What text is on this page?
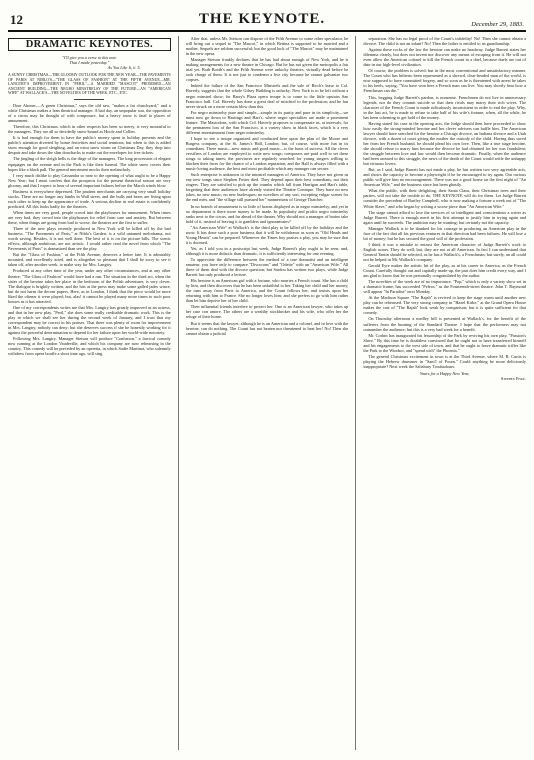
12	THE KEYNOTE.	December 29, 1883.
DRAMATIC KEYNOTES.
"I'll give you a verse to this note
That I made yesterday."
As You Like It, ii. 5.
A SUNNY CHRISTMAS—THE GLOOMY OUTLOOK FOR THE NEW YEAR—THE PAVEMENTS OF PARIS AT NIBLO'S—"THE GLASS OF FASHION" AT THE FIFTH AVENUE—MR. LANGTRY'S IMPROVEMENT IN "PERIL"—A MARRIED "MASCOT" PROMISED—AN ANCIENT BUILDING—THE NEGRO MINSTRELSY OF THE FUTURE—AN "AMERICAN WIFE" AT WALLACK'S—THE NOVELTIES OF THE WEEK, ETC., ETC.

Dear Aboner.—A green Christmas," says the old saw, "makes a fat churchyard;" and a white Christmas makes a lean theatrical manager. A bad day, an unpopular star, the opposition of a circus may be thought of with composure, but a heavy snow is fatal to places of amusement.

Therefore, this Christmas, which in other respects has been so merry, is very mournful to the managers. They are all so decidedly snow-bound as Hoole and Collier.

It is bad enough for them to have the public's money spent in holiday presents and the public's attention diverted by home festivities and social reunions; but when to this is added snow enough for good sleighing, and an extra snow storm on Christmas Day, they drop into despair and take down the slim drawbacks to make out the envelopes for free tickets.

The jingling of the sleigh bells is the dirge of the managers. The long procession of elegant equipages on the avenue and in the Park is like their funeral. The white snow covers their hopes like a black pall. The general merriment mocks their melancholy.

I very much dislike to play Cassandra so near to the opening of what ought to be a Happy New Year; but I must confess that the prospects for the present theatrical season are very gloomy, and that I expect to hear of several important failures before the March winds blow.

Business is everywhere depressed. The prudent merchants are carrying very small holiday stocks. There are no longer any lambs in Wall street, and the bulls and bears are living upon each other to keep up the appearance of trade. A serious decline in real estate is confidently predicted. All this looks badly for the theatres.

When times are very good, people crowd into the playhouses for amusement. When times are very bad, they crowd into the playhouses for relief from care and anxiety. But between these, when things are going from bad to worse, the theatres are the first to suffer.

Three of the new plays recently produced in New York will be killed off by the bad business. "The Pavements of Paris," at Niblo's Garden, is a wild untamed melodrama, not worth saving. Besides, it is not well done. The best of it is on the picture bills. The scenic effects, although ambitious, are not artistic. I would rather read the novel from which "The Pavements of Paris" is dramatized than see the play.

But the "Glass of Fashion," at the Fifth Avenue, deserves a better fate. It is admirably mounted, and excellently acted, and is altogether so pleasant that I shall be sorry to see it taken off, after another week, to make way for Mrs. Langtry.

Produced at any other time of the year, under any other circumstances, and at any other theatre, "The Glass of Fashion" would have had a run. The situation in the third act, when the sister of the heroine takes her place in the bedroom of the Polish adventurer, is very clever. The dialogue is brightly written, and the hits at the press may make some galled jades wince, but do not harm the decent papers. Here, as in London, I think that the piece would be more liked the oftener it were played; but, alas! it cannot be played many more times to such poor houses as it has attracted.

One of my correspondents writes me that Mrs. Langtry has greatly improved as an actress, and that in her new play, "Peril," she does some really creditable dramatic work. This is the play in which we shall see her during the second week of January, and I trust that my correspondent may be correct in his praises. That there was plenty of room for improvement in Mrs. Langtry, nobody can deny; but she deserves success if she be honestly working for it against the powerful determination to depend for her failure upon her world-wide notoriety.

Following Mrs. Langtry, Manager Stetson will produce "Confusion," a farcical comedy now running at the London Vaudeville, and which his company are now rehearsing in the country. This comedy will be preceded by an operetta, in which Sadie Martinot, who solemnly withdrew from opera bouffe a short time ago, will sing.

After that, unless Mr. Stetson can dispose of the Fifth Avenue to some other speculator, he will bring out a sequel to "The Mascot," in which Bettina is supposed to be married and a mother. Sequels are seldom successful; but the good luck of "The Mascot" may be maintained in the new opera.

Manager Stetson frankly declares that he has had about enough of New York, and he is making arrangements for a new theatre in Chicago. But he has not given the metropolis a fair trial yet. Both Booth's and the Fifth Avenue were unlucky theatres, virtually dead before he took charge of them. It is not just to condemn a live city because he cannot galvanize two corpses.

Indeed the failure of the San Francisco Minstrels and the sale of Birch's lease to Col. Haverly, suggests that the whole Gilsey Building is unlucky. New York is to be left without a negro minstrel show; for Barry's Plaza opera troupe is to come to the little upstairs San Francisco hall. Col. Haverly has done a great deal of mischief to the profession; and he has never struck on a more certain blow than this.

For negro minstrelsy pure and simple—simple in its purity and pure in its simplicity—we must now go down to Hastings and Hart's, where negro specialties are made a prominent feature. The Mastodons, with which Col. Haverly proposes to compensate us, at intervals, for the permanent loss of the San Francisco, is a variety show in black faces, which is a very different entertainment from negro minstrelsy.

I hope to see a troupe organized and conducted here upon the plan of the Moore and Burgess company, at the St. James's Hall, London; but, of course, with more fun in its comedians. There music—new music and good music—is the basis of success. All the clever versifiers of London are employed to write new songs; composers are paid well to set these songs to taking tunes; the provinces are regularly searched for young singers willing to blacken their faces for the chance of a London reputation, and the Hall is always filled with a music-loving audience, the best and most profitable which any manager can secure.

Such enterprise is unknown to the minstrel managers of America. They have not given us any new songs since Stephen Foster died. They depend upon their best comedians, not their singers. They are satisfied to pick up the crumbs which fall from Harrigan and Hart's table, forgetting that their audiences have already visited the Theatre Comique. They have no new jokes, no new music; no new burlesques; no novelties of any sort, excepting vulgar scenes for the end men, and "the village still pursued her" mannerisms of George Thatcher.

In no branch of amusement is so little of brains displayed as in negro minstrelsy, and yet in no department is there more money to be made. In popularity and profits negro minstrelsy ranks next to the circus, and far ahead of the theater. Why should not a manager of brains take hold of it, instead of leaving it to gamblers and ignoramuses?

"An American Wife" at Wallack's is the third play to be killed off by the holidays and the snow. It has done such a poor business that it will be withdrawn as soon as "Old Heads and Young Hearts" can be prepared. Whenever the Times boy praises a play, you may be sure that it is doomed.

Yet, as I told you in a postscript last week, Judge Barrett's play ought to be seen, and, although it is more didactic than dramatic, it is sufficiently interesting for one evening.

To appreciate the difference between the method of a true dramatist and an intelligent amateur, you have only to compare "Divorcons" and "Odette" with an "American Wife." All three of them deal with the divorce question; but Sardou has written two plays, while Judge Barrett has only produced a lecture.

His heroine is an American girl with a fortune, who marries a French count. She has a child by him, and then discovers that he has been unfaithful to her. Taking her child and her money, she runs away from Paris to America, and the Count follows her, and insists upon her returning with him to France. She no longer loves him; and she prefers to go with him rather than let him deprive her of her child.

Then influential friends interfere to protect her. One is an American lawyer, who takes up her case con amore. The others are a wealthy stockbroker and his wife, who offer her the refuge of their home.

But it seems that the lawyer, although he is an American and a colonel, and in love with the heroine, can do nothing. The Count has not beaten nor threatened to beat her! No! Then she cannot obtain a judicial

separation. She has no legal proof of the Count's infidelity! No! Then she cannot obtain a divorce. The child is not an infant? No! Then the father is entitled to its guardianship.

Against these rocks of the law the heroine can make no headway. Judge Barrett states her dilemma clearly, but does not invent nor discover any means of escaping from it. He will not even allow the American colonel to kill the French count in a duel, because duels are out of date in our high-level civilization.

Of course, the problem is solved; but in the most conventional and unsatisfactory manner. The Count who has hitherto been represented as a shrewd, clear-headed man of the world, is now supposed to have committed forgery, and so soon as he is threatened with arrest he takes to his heels, saying, "You have won here a French man can live. You may shortly hear how a Frenchman can die."

This, begging Judge Barrett's pardon, is nonsense. Frenchmen do not live in unnecessary legends, nor do they commit suicide so that their rivals may marry their rich wives. The character of the French Count is made ridiculously inconsistent in order to end the play. Why, in the last act, he is made to refuse to take half of his wife's fortune, when, all the while, he has been scheming to get hold of the money.

Having stated his case in the opening acts, the Judge should then have proceeded to show how easily the strong-minded heroine and her clever advisers can baffle him. The American lawyer should have searched for the heroine a Chicago divorce, an Indiana divorce and a Utah divorce, with a dozen of court giving the mother the custody of the child. Having thus saved her from her French husband, he should plead his own love. Then, like a true stage heroine, she should refuse to marry him because the divorce he had obtained for her was fraudulent; the struggle between love and law would then become dramatic. Finally, when the audience had been aroused to this struggle, the news of the death of the Count would settle the unhappy but virtuous lovers.

But, as I said, Judge Barrett has not made a play, he has written two very agreeable acts, and shows the capacity to become a playwright if he be encouraged to try again. Our curious public will give him no encouragement. There was not a good house on the first night of "An American Wife," and the business since has been ghastly.

What the public, with their delighting, their Santa Claus, their Christmas trees and their parties, will not take the trouble to do, THE KEYNOTE will do for them. Let Judge Barrett consider the precedent of Bartley Campbell, who is now making a fortune a week out of "The White Slave," and who began by writing a worse piece than "An American Wife."

The stage cannot afford to lose the services of so intelligent and conscientious a writer as Judge Barrett. There is enough merit in his first attempt to justify him in trying again and again until he succeeds. The ambition may be wanting; but certainly not the capacity.

Manager Wallack is to be thanked for his courage in producing an American play in the face of the fact that all his previous ventures in that direction had been failures. He will lose a bit of money; but he has secured the good will of the profession.

I think it was a mistake to entrust the American character of Judge Barrett's work to English actors. They do well; but, they are not at all American. In fact I can understand that General Tantin should be selected, as he has a Wallack's, a Frenchman; but surely, an all could not be helped in Mr. Wallack's company.

Gerald Eyre makes the artistic hit of the play, as at his career in America, as the French Count. Carefully thought out and capitally made-up, the part does him credit every way, and I am glad to know that he was personally congratulated by the author.

The novelties of the week are of no importance. "Pop," which is only a variety show set in a dramatic frame, has succeeded "Peleos," as the Fourteenth-street theatre. John T. Raymond will appear "In Paradise" next Monday.

At the Madison Square "The Rajah" is revived to keep the stage warm until another new play can be rehearsed. The very strong company in "Hazel Kirke," at the Grand Opera House makes the cast of "The Rajah" look weak by comparison; but it is quite sufficient for that comedy.

On Thursday afternoon a medley bill is presented at Wallack's, for the benefit of the sufferers from the burning of the Standard Theatre. I hope that the performers may not outnumber the audience; but this is a very bad week for a benefit.

Mr. Corbin has inaugurated his lessonship of the Park by reviving his own play, "Passion's Slave." By this time he is doubtless convinced that he ought not to have transferred himself and his engagements to the west side of town, and that he ought to leave dramatic trifles like the Park to the Windsor, and "spend with" the Phoenix."

The general Christmas excitement in town is at the Third Avenue, where M. B. Curtis is playing the Hebrew drummer in "Sam'l of Posen." Could anything be more deliciously inappropriate? Next week the Salisbury Troubadours.

Yours for a Happy New Year,
Stephen Fiske.
